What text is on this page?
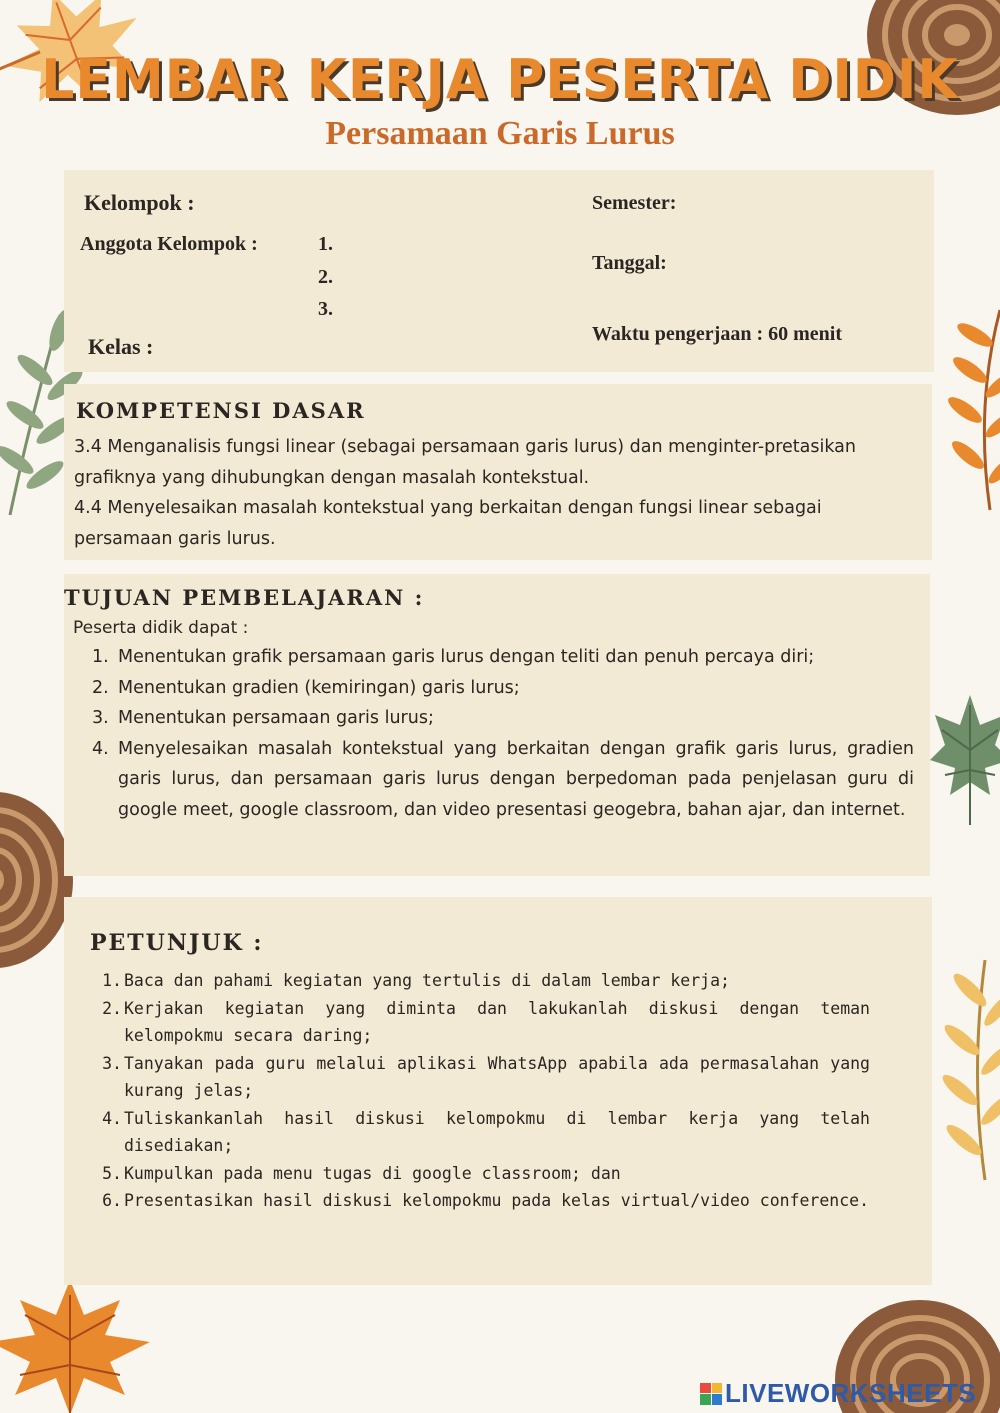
LEMBAR KERJA PESERTA DIDIK
Persamaan Garis Lurus
Kelompok :
Anggota Kelompok :	1.
2.
3.
Kelas :
Semester:
Tanggal:
Waktu pengerjaan : 60 menit
KOMPETENSI DASAR

3.4 Menganalisis fungsi linear (sebagai persamaan garis lurus) dan menginter-pretasikan grafiknya yang dihubungkan dengan masalah kontekstual.

4.4 Menyelesaikan masalah kontekstual yang berkaitan dengan fungsi linear sebagai persamaan garis lurus.

TUJUAN PEMBELAJARAN :
Peserta didik dapat :
1. Menentukan grafik persamaan garis lurus dengan teliti dan penuh percaya diri;
2. Menentukan gradien (kemiringan) garis lurus;
3. Menentukan persamaan garis lurus;
4. Menyelesaikan masalah kontekstual yang berkaitan dengan grafik garis lurus, gradien garis lurus, dan persamaan garis lurus dengan berpedoman pada penjelasan guru di google meet, google classroom, dan video presentasi geogebra, bahan ajar, dan internet.
PETUNJUK :
1. Baca dan pahami kegiatan yang tertulis di dalam lembar kerja;
2. Kerjakan kegiatan yang diminta dan lakukanlah diskusi dengan teman kelompokmu secara daring;
3. Tanyakan pada guru melalui aplikasi WhatsApp apabila ada permasalahan yang kurang jelas;
4. Tuliskankanlah hasil diskusi kelompokmu di lembar kerja yang telah disediakan;
5. Kumpulkan pada menu tugas di google classroom; dan
6. Presentasikan hasil diskusi kelompokmu pada kelas virtual/video conference.
LIVEWORKSHEETS
